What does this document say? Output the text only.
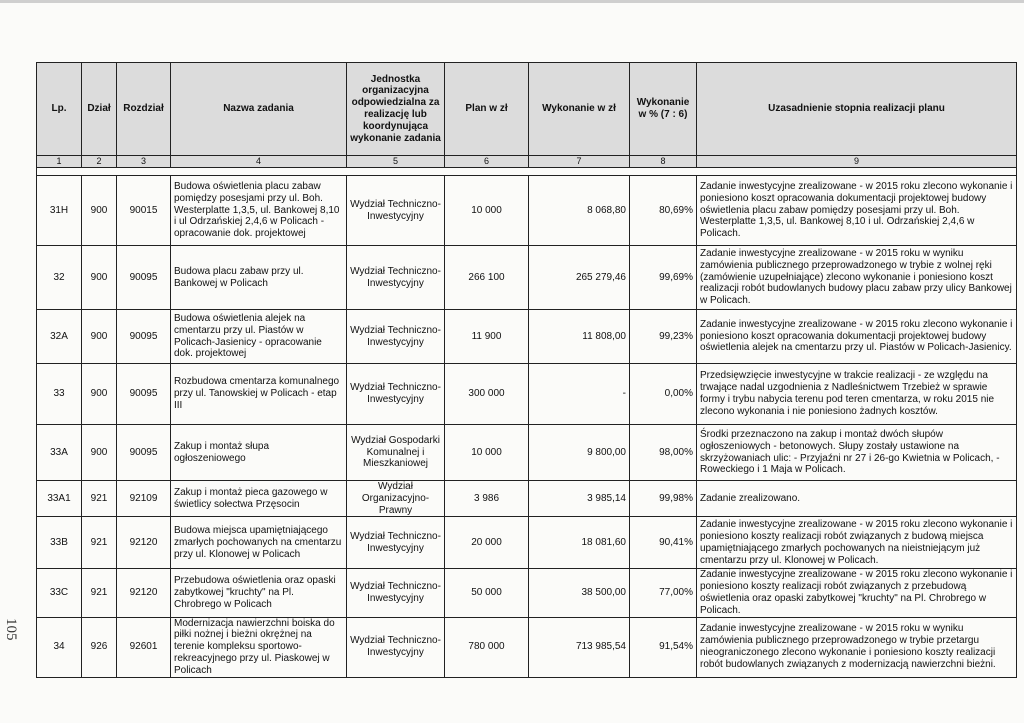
Lp.	Dział	Rozdział	Nazwa zadania	Jednostka organizacyjna odpowiedzialna za realizację lub koordynująca wykonanie zadania	Plan w zł	Wykonanie w zł	Wykonanie w % (7 : 6)	Uzasadnienie stopnia realizacji planu
1	2	3	4	5	6	7	8	9

31H	900	90015	Budowa oświetlenia placu zabaw pomiędzy posesjami przy ul. Boh. Westerplatte 1,3,5, ul. Bankowej 8,10 i ul Odrzańskiej 2,4,6 w Policach - opracowanie dok. projektowej	Wydział Techniczno-Inwestycyjny	10 000	8 068,80	80,69%	Zadanie inwestycyjne zrealizowane - w 2015 roku zlecono wykonanie i poniesiono koszt opracowania dokumentacji projektowej budowy oświetlenia placu zabaw pomiędzy posesjami przy ul. Boh. Westerplatte 1,3,5, ul. Bankowej 8,10 i ul. Odrzańskiej 2,4,6 w Policach.
32	900	90095	Budowa placu zabaw przy ul. Bankowej w Policach	Wydział Techniczno-Inwestycyjny	266 100	265 279,46	99,69%	Zadanie inwestycyjne zrealizowane - w 2015 roku w wyniku zamówienia publicznego przeprowadzonego w trybie z wolnej ręki (zamówienie uzupełniające) zlecono wykonanie i poniesiono koszt realizacji robót budowlanych budowy placu zabaw przy ulicy Bankowej w Policach.
32A	900	90095	Budowa oświetlenia alejek na cmentarzu przy ul. Piastów w Policach-Jasienicy - opracowanie dok. projektowej	Wydział Techniczno-Inwestycyjny	11 900	11 808,00	99,23%	Zadanie inwestycyjne zrealizowane - w 2015 roku zlecono wykonanie i poniesiono koszt opracowania dokumentacji projektowej budowy oświetlenia alejek na cmentarzu przy ul. Piastów w Policach-Jasienicy.
33	900	90095	Rozbudowa cmentarza komunalnego przy ul. Tanowskiej w Policach - etap III	Wydział Techniczno-Inwestycyjny	300 000	-	0,00%	Przedsięwzięcie inwestycyjne w trakcie realizacji - ze względu na trwające nadal uzgodnienia z Nadleśnictwem Trzebież w sprawie formy i trybu nabycia terenu pod teren cmentarza, w roku 2015 nie zlecono wykonania i nie poniesiono żadnych kosztów.
33A	900	90095	Zakup i montaż słupa ogłoszeniowego	Wydział Gospodarki Komunalnej i Mieszkaniowej	10 000	9 800,00	98,00%	Środki przeznaczono na zakup i montaż dwóch słupów ogłoszeniowych - betonowych. Słupy zostały ustawione na skrzyżowaniach ulic: - Przyjaźni nr 27 i 26-go Kwietnia w Policach, - Roweckiego i 1 Maja w Policach.
33A1	921	92109	Zakup i montaż pieca gazowego w świetlicy sołectwa Przęsocin	Wydział Organizacyjno-Prawny	3 986	3 985,14	99,98%	Zadanie zrealizowano.
33B	921	92120	Budowa miejsca upamiętniającego zmarłych pochowanych na cmentarzu przy ul. Klonowej w Policach	Wydział Techniczno-Inwestycyjny	20 000	18 081,60	90,41%	Zadanie inwestycyjne zrealizowane - w 2015 roku zlecono wykonanie i poniesiono koszty realizacji robót związanych z budową miejsca upamiętniającego zmarłych pochowanych na nieistniejącym już cmentarzu przy ul. Klonowej w Policach.
33C	921	92120	Przebudowa oświetlenia oraz opaski zabytkowej "kruchty" na Pl. Chrobrego w Policach	Wydział Techniczno-Inwestycyjny	50 000	38 500,00	77,00%	Zadanie inwestycyjne zrealizowane - w 2015 roku zlecono wykonanie i poniesiono koszty realizacji robót związanych z przebudową oświetlenia oraz opaski zabytkowej "kruchty" na Pl. Chrobrego w Policach.
34	926	92601	Modernizacja nawierzchni boiska do piłki nożnej i bieżni okrężnej na terenie kompleksu sportowo-rekreacyjnego przy ul. Piaskowej w Policach	Wydział Techniczno-Inwestycyjny	780 000	713 985,54	91,54%	Zadanie inwestycyjne zrealizowane - w 2015 roku w wyniku zamówienia publicznego przeprowadzonego w trybie przetargu nieograniczonego zlecono wykonanie i poniesiono koszty realizacji robót budowlanych związanych z modernizacją nawierzchni bieżni.
105
